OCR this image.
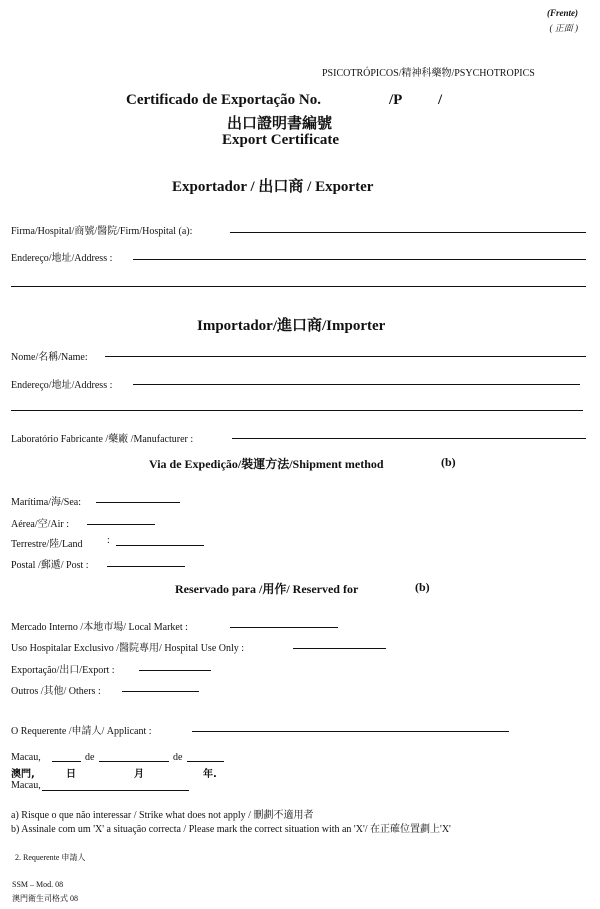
(Frente)
( 正面 )
PSICOTRÓPICOS/精神科藥物/PSYCHOTROPICS
Certificado de Exportação No.	/P /
出口證明書編號
Export Certificate
Exportador / 出口商 / Exporter
Firma/Hospital/商號/醫院/Firm/Hospital (a):
Endereço/地址/Address :
Importador/進口商/Importer
Nome/名稱/Name:
Endereço/地址/Address :
Laboratório Fabricante /藥廠 /Manufacturer :
Via de Expedição/裝運方法/Shipment method	(b)
Marítima/海/Sea:
Aérea/空/Air :
Terrestre/陸/Land :
Postal /郵遞/ Post :
Reservado para /用作/ Reserved for	(b)
Mercado Interno /本地市場/ Local Market :
Uso Hospitalar Exclusivo /醫院專用/ Hospital Use Only :
Exportação/出口/Export :
Outros /其他/ Others :
O Requerente /申請人/ Applicant :
Macau,	de	de
澳門,	日	月	年.
Macau,
a) Risque o que não interessar / Strike what does not apply / 刪劃不適用者
b) Assinale com um 'X' a situação correcta / Please mark the correct situation with an 'X'/ 在正確位置劃上'X'
2. Requerente 申請人
SSM – Mod. 08
澳門衛生司格式 08
